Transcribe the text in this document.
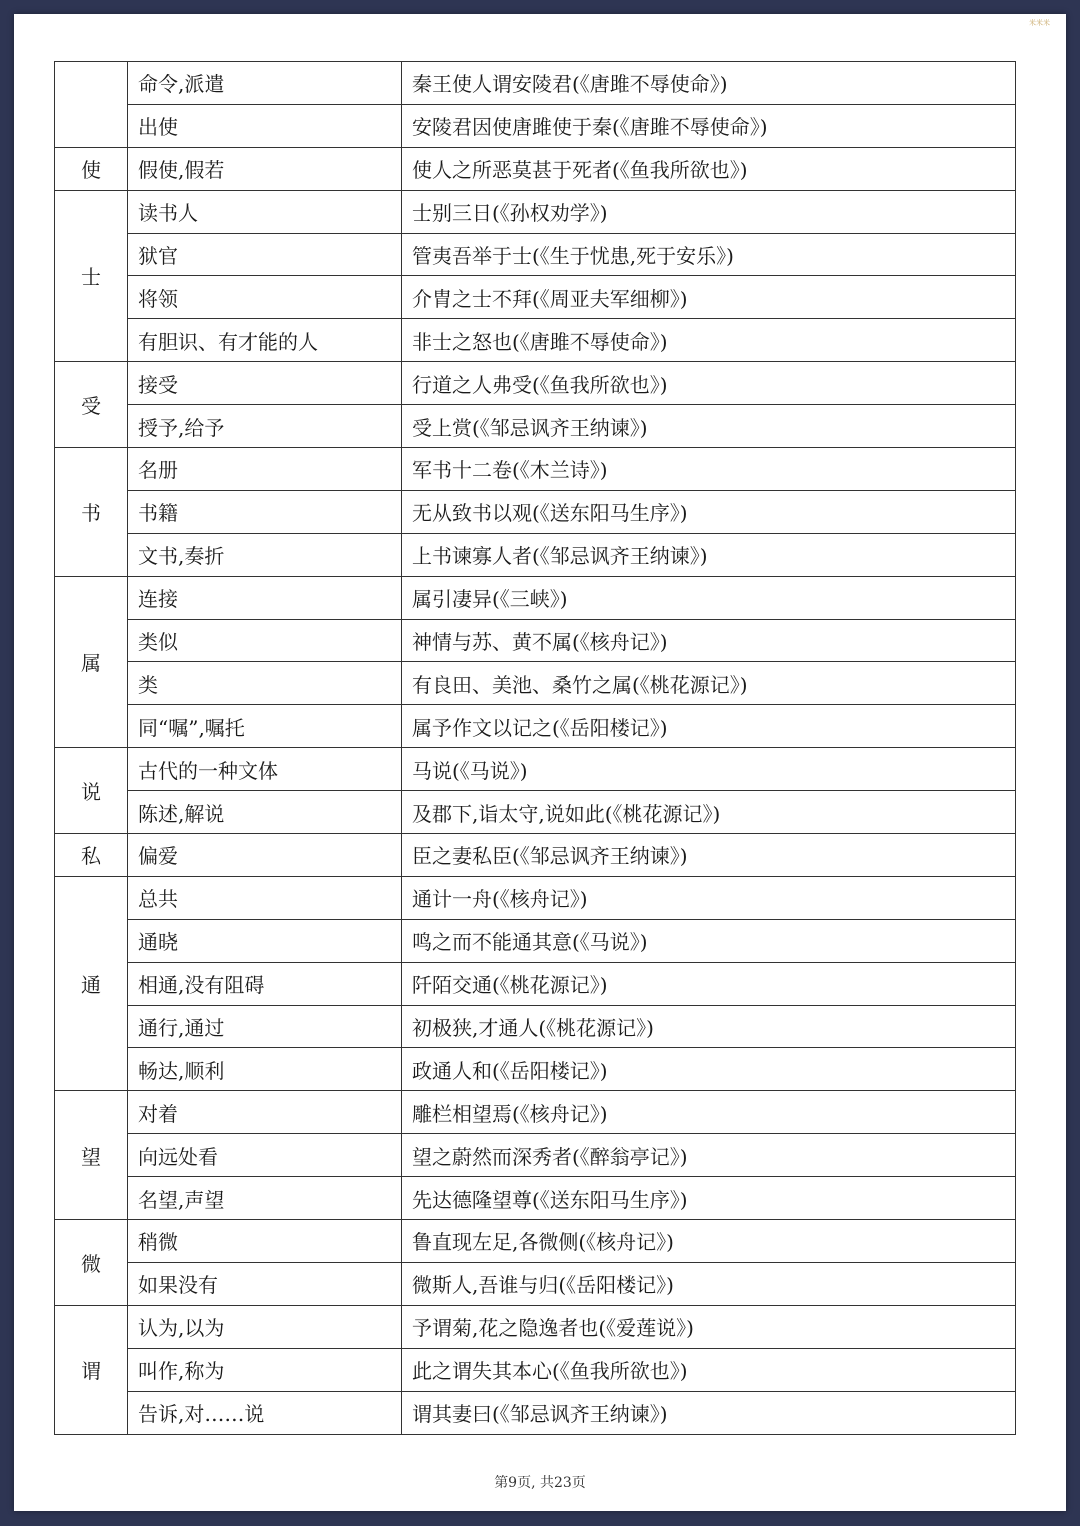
米米米
	命令,派遣	秦王使人谓安陵君(《唐雎不辱使命》)
	出使	安陵君因使唐雎使于秦(《唐雎不辱使命》)
使	假使,假若	使人之所恶莫甚于死者(《鱼我所欲也》)
士	读书人	士别三日(《孙权劝学》)
	狱官	管夷吾举于士(《生于忧患,死于安乐》)
	将领	介胄之士不拜(《周亚夫军细柳》)
	有胆识、有才能的人	非士之怒也(《唐雎不辱使命》)
受	接受	行道之人弗受(《鱼我所欲也》)
	授予,给予	受上赏(《邹忌讽齐王纳谏》)
书	名册	军书十二卷(《木兰诗》)
	书籍	无从致书以观(《送东阳马生序》)
	文书,奏折	上书谏寡人者(《邹忌讽齐王纳谏》)
属	连接	属引凄异(《三峡》)
	类似	神情与苏、黄不属(《核舟记》)
	类	有良田、美池、桑竹之属(《桃花源记》)
	同“嘱”,嘱托	属予作文以记之(《岳阳楼记》)
说	古代的一种文体	马说(《马说》)
	陈述,解说	及郡下,诣太守,说如此(《桃花源记》)
私	偏爱	臣之妻私臣(《邹忌讽齐王纳谏》)
通	总共	通计一舟(《核舟记》)
	通晓	鸣之而不能通其意(《马说》)
	相通,没有阻碍	阡陌交通(《桃花源记》)
	通行,通过	初极狭,才通人(《桃花源记》)
	畅达,顺利	政通人和(《岳阳楼记》)
望	对着	雕栏相望焉(《核舟记》)
	向远处看	望之蔚然而深秀者(《醉翁亭记》)
	名望,声望	先达德隆望尊(《送东阳马生序》)
微	稍微	鲁直现左足,各微侧(《核舟记》)
	如果没有	微斯人,吾谁与归(《岳阳楼记》)
谓	认为,以为	予谓菊,花之隐逸者也(《爱莲说》)
	叫作,称为	此之谓失其本心(《鱼我所欲也》)
	告诉,对……说	谓其妻曰(《邹忌讽齐王纳谏》)
第9页, 共23页
